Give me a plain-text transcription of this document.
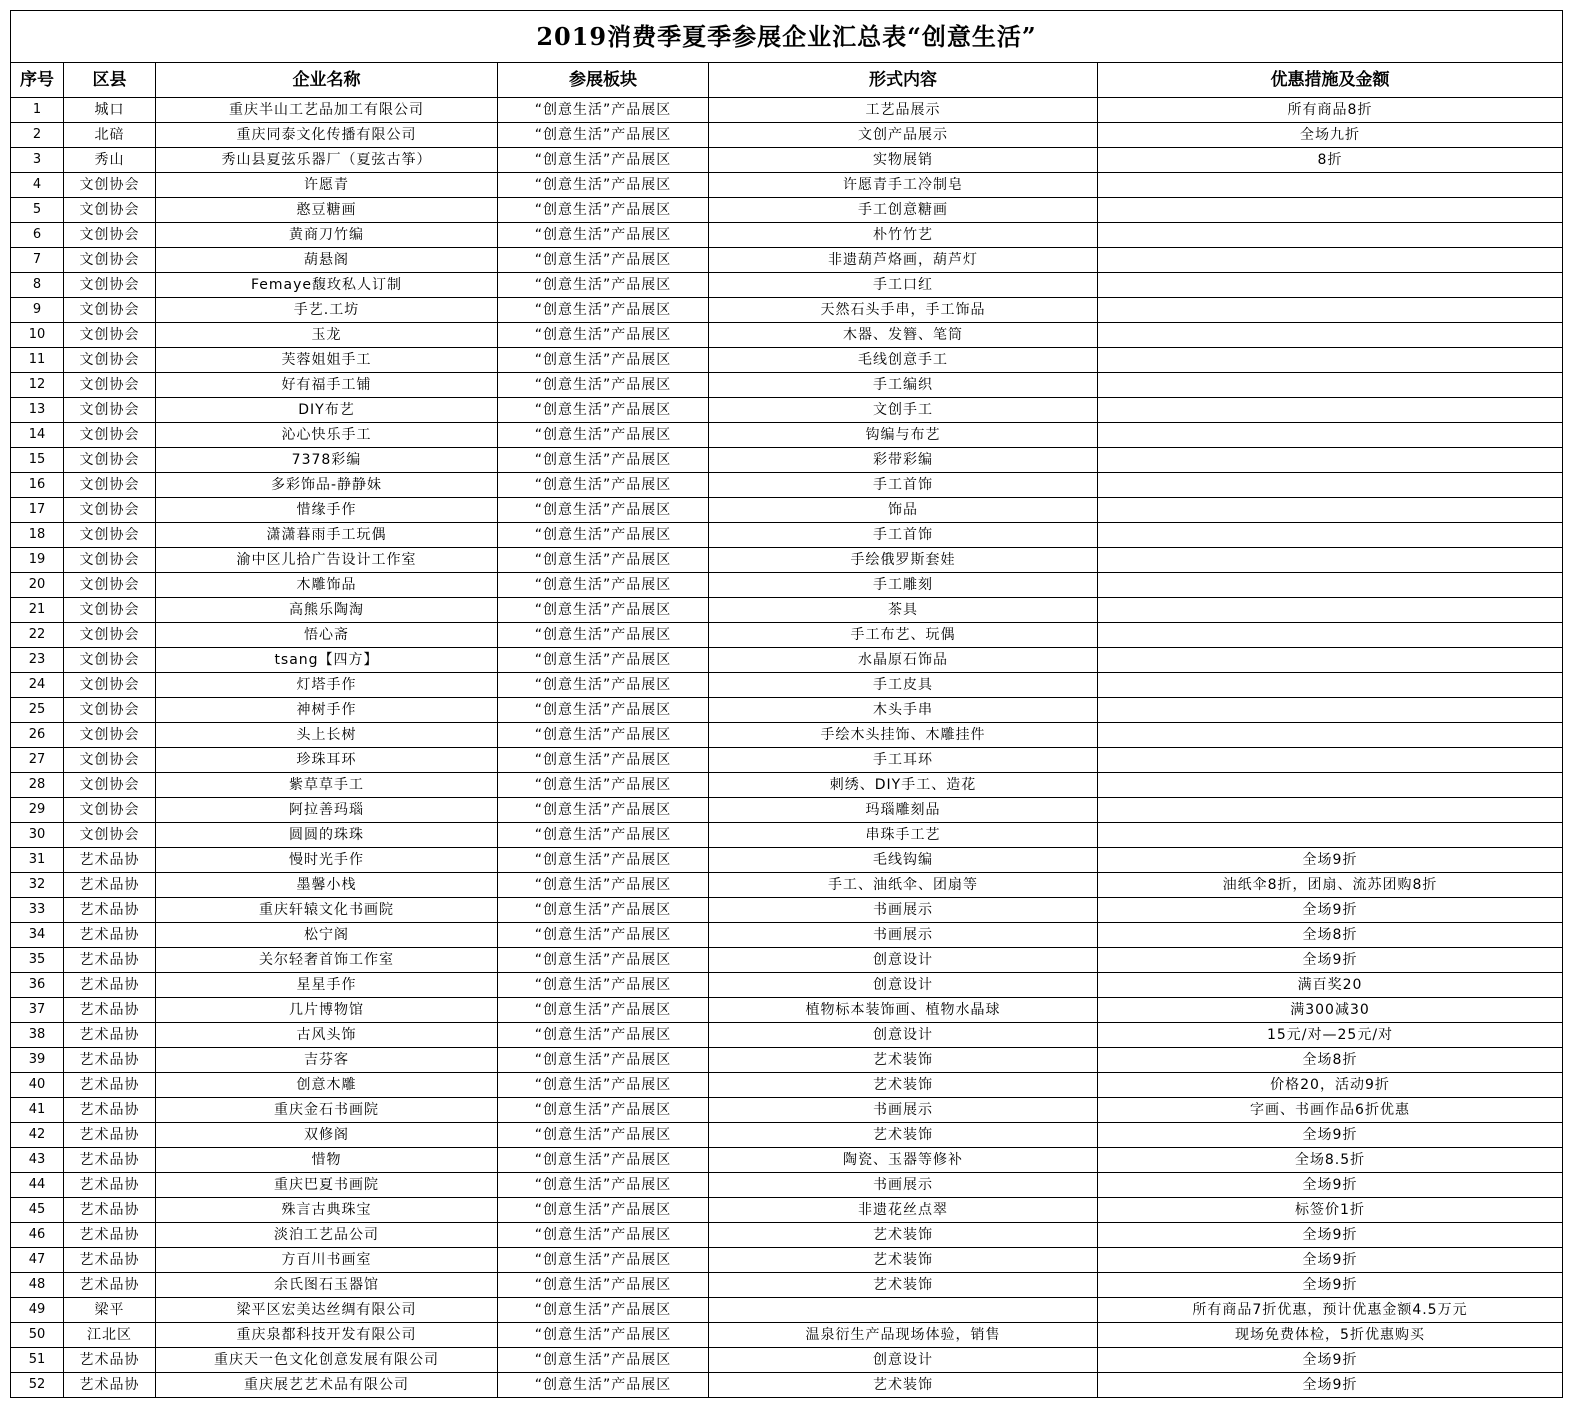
2019消费季夏季参展企业汇总表“创意生活”					
序号	区县	企业名称	参展板块	形式内容	优惠措施及金额
1	城口	重庆半山工艺品加工有限公司	“创意生活”产品展区	工艺品展示	所有商品8折
2	北碚	重庆同泰文化传播有限公司	“创意生活”产品展区	文创产品展示	全场九折
3	秀山	秀山县夏弦乐器厂（夏弦古筝）	“创意生活”产品展区	实物展销	8折
4	文创协会	许愿青	“创意生活”产品展区	许愿青手工冷制皂	
5	文创协会	憨豆糖画	“创意生活”产品展区	手工创意糖画	
6	文创协会	黄商刀竹编	“创意生活”产品展区	朴竹竹艺	
7	文创协会	葫悬阁	“创意生活”产品展区	非遗葫芦烙画，葫芦灯	
8	文创协会	Femaye馥玫私人订制	“创意生活”产品展区	手工口红	
9	文创协会	手艺.工坊	“创意生活”产品展区	天然石头手串，手工饰品	
10	文创协会	玉龙	“创意生活”产品展区	木器、发簪、笔筒	
11	文创协会	芙蓉姐姐手工	“创意生活”产品展区	毛线创意手工	
12	文创协会	好有福手工铺	“创意生活”产品展区	手工编织	
13	文创协会	DIY布艺	“创意生活”产品展区	文创手工	
14	文创协会	沁心快乐手工	“创意生活”产品展区	钩编与布艺	
15	文创协会	7378彩编	“创意生活”产品展区	彩带彩编	
16	文创协会	多彩饰品-静静妹	“创意生活”产品展区	手工首饰	
17	文创协会	惜缘手作	“创意生活”产品展区	饰品	
18	文创协会	潇潇暮雨手工玩偶	“创意生活”产品展区	手工首饰	
19	文创协会	渝中区儿拾广告设计工作室	“创意生活”产品展区	手绘俄罗斯套娃	
20	文创协会	木雕饰品	“创意生活”产品展区	手工雕刻	
21	文创协会	高熊乐陶淘	“创意生活”产品展区	茶具	
22	文创协会	悟心斋	“创意生活”产品展区	手工布艺、玩偶	
23	文创协会	tsang【四方】	“创意生活”产品展区	水晶原石饰品	
24	文创协会	灯塔手作	“创意生活”产品展区	手工皮具	
25	文创协会	神树手作	“创意生活”产品展区	木头手串	
26	文创协会	头上长树	“创意生活”产品展区	手绘木头挂饰、木雕挂件	
27	文创协会	珍珠耳环	“创意生活”产品展区	手工耳环	
28	文创协会	紫草草手工	“创意生活”产品展区	刺绣、DIY手工、造花	
29	文创协会	阿拉善玛瑙	“创意生活”产品展区	玛瑙雕刻品	
30	文创协会	圆圆的珠珠	“创意生活”产品展区	串珠手工艺	
31	艺术品协	慢时光手作	“创意生活”产品展区	毛线钩编	全场9折
32	艺术品协	墨馨小栈	“创意生活”产品展区	手工、油纸伞、团扇等	油纸伞8折，团扇、流苏团购8折
33	艺术品协	重庆轩辕文化书画院	“创意生活”产品展区	书画展示	全场9折
34	艺术品协	松宁阁	“创意生活”产品展区	书画展示	全场8折
35	艺术品协	关尔轻奢首饰工作室	“创意生活”产品展区	创意设计	全场9折
36	艺术品协	星星手作	“创意生活”产品展区	创意设计	满百奖20
37	艺术品协	几片博物馆	“创意生活”产品展区	植物标本装饰画、植物水晶球	满300减30
38	艺术品协	古风头饰	“创意生活”产品展区	创意设计	15元/对—25元/对
39	艺术品协	吉芬客	“创意生活”产品展区	艺术装饰	全场8折
40	艺术品协	创意木雕	“创意生活”产品展区	艺术装饰	价格20，活动9折
41	艺术品协	重庆金石书画院	“创意生活”产品展区	书画展示	字画、书画作品6折优惠
42	艺术品协	双修阁	“创意生活”产品展区	艺术装饰	全场9折
43	艺术品协	惜物	“创意生活”产品展区	陶瓷、玉器等修补	全场8.5折
44	艺术品协	重庆巴夏书画院	“创意生活”产品展区	书画展示	全场9折
45	艺术品协	殊言古典珠宝	“创意生活”产品展区	非遗花丝点翠	标签价1折
46	艺术品协	淡泊工艺品公司	“创意生活”产品展区	艺术装饰	全场9折
47	艺术品协	方百川书画室	“创意生活”产品展区	艺术装饰	全场9折
48	艺术品协	余氏图石玉器馆	“创意生活”产品展区	艺术装饰	全场9折
49	梁平	梁平区宏美达丝绸有限公司	“创意生活”产品展区		所有商品7折优惠，预计优惠金额4.5万元
50	江北区	重庆泉都科技开发有限公司	“创意生活”产品展区	温泉衍生产品现场体验，销售	现场免费体检，5折优惠购买
51	艺术品协	重庆天一色文化创意发展有限公司	“创意生活”产品展区	创意设计	全场9折
52	艺术品协	重庆展艺艺术品有限公司	“创意生活”产品展区	艺术装饰	全场9折
